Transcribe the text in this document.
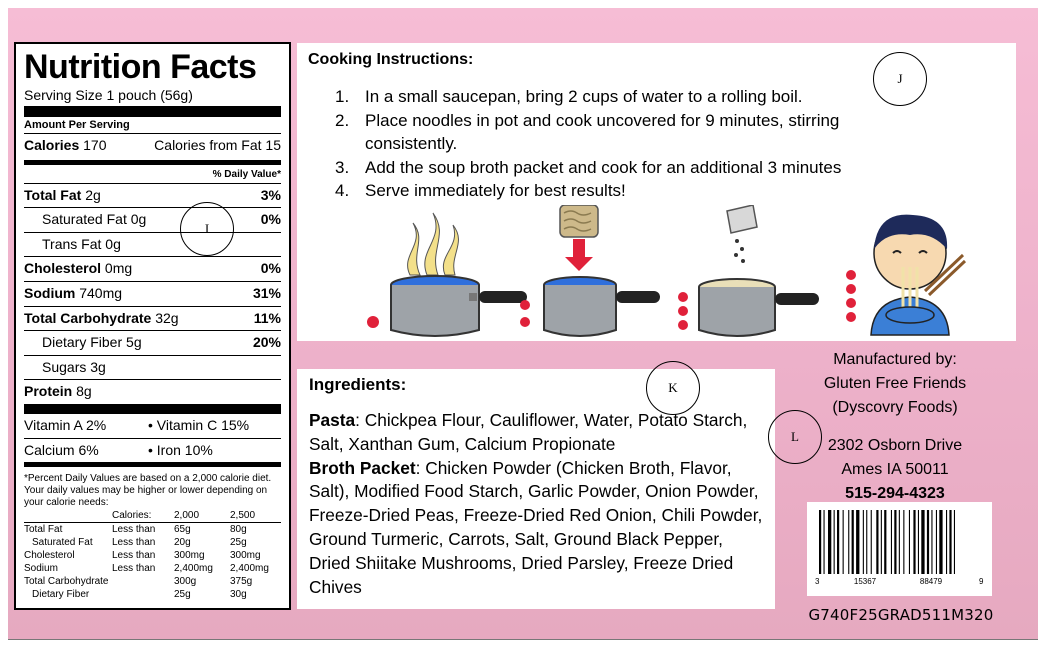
Nutrition Facts
Serving Size 1 pouch (56g)
Amount Per Serving
Calories 170	Calories from Fat 15
% Daily Value*
Total Fat 2g	3%
Saturated Fat 0g	0%
Trans Fat 0g
Cholesterol 0mg	0%
Sodium 740mg	31%
Total Carbohydrate 32g	11%
Dietary Fiber 5g	20%
Sugars 3g
Protein 8g
Vitamin A 2%	• Vitamin C 15%
Calcium 6%	• Iron 10%
*Percent Daily Values are based on a 2,000 calorie diet. Your daily values may be higher or lower depending on your calorie needs:
	Calories:	2,000	2,500
Total Fat	Less than	65g	80g
Saturated Fat	Less than	20g	25g
Cholesterol	Less than	300mg	300mg
Sodium	Less than	2,400mg	2,400mg
Total Carbohydrate		300g	375g
Dietary Fiber		25g	30g
Cooking Instructions:
1. In a small saucepan, bring 2 cups of water to a rolling boil.
2. Place noodles in pot and cook uncovered for 9 minutes, stirring consistently.
3. Add the soup broth packet and cook for an additional 3 minutes
4. Serve immediately for best results!
Ingredients:
Pasta: Chickpea Flour, Cauliflower, Water, Potato Starch, Salt, Xanthan Gum, Calcium Propionate
Broth Packet: Chicken Powder (Chicken Broth, Flavor, Salt), Modified Food Starch, Garlic Powder, Onion Powder, Freeze-Dried Peas, Freeze-Dried Red Onion, Chili Powder, Ground Turmeric, Carrots, Salt, Ground Black Pepper, Dried Shiitake Mushrooms, Dried Parsley, Freeze Dried Chives
Manufactured by:
Gluten Free Friends
(Dyscovry Foods)
2302 Osborn Drive
Ames IA 50011
515-294-4323
3	15367	88479	9
G740F25GRAD511M320
I
J
K
L
